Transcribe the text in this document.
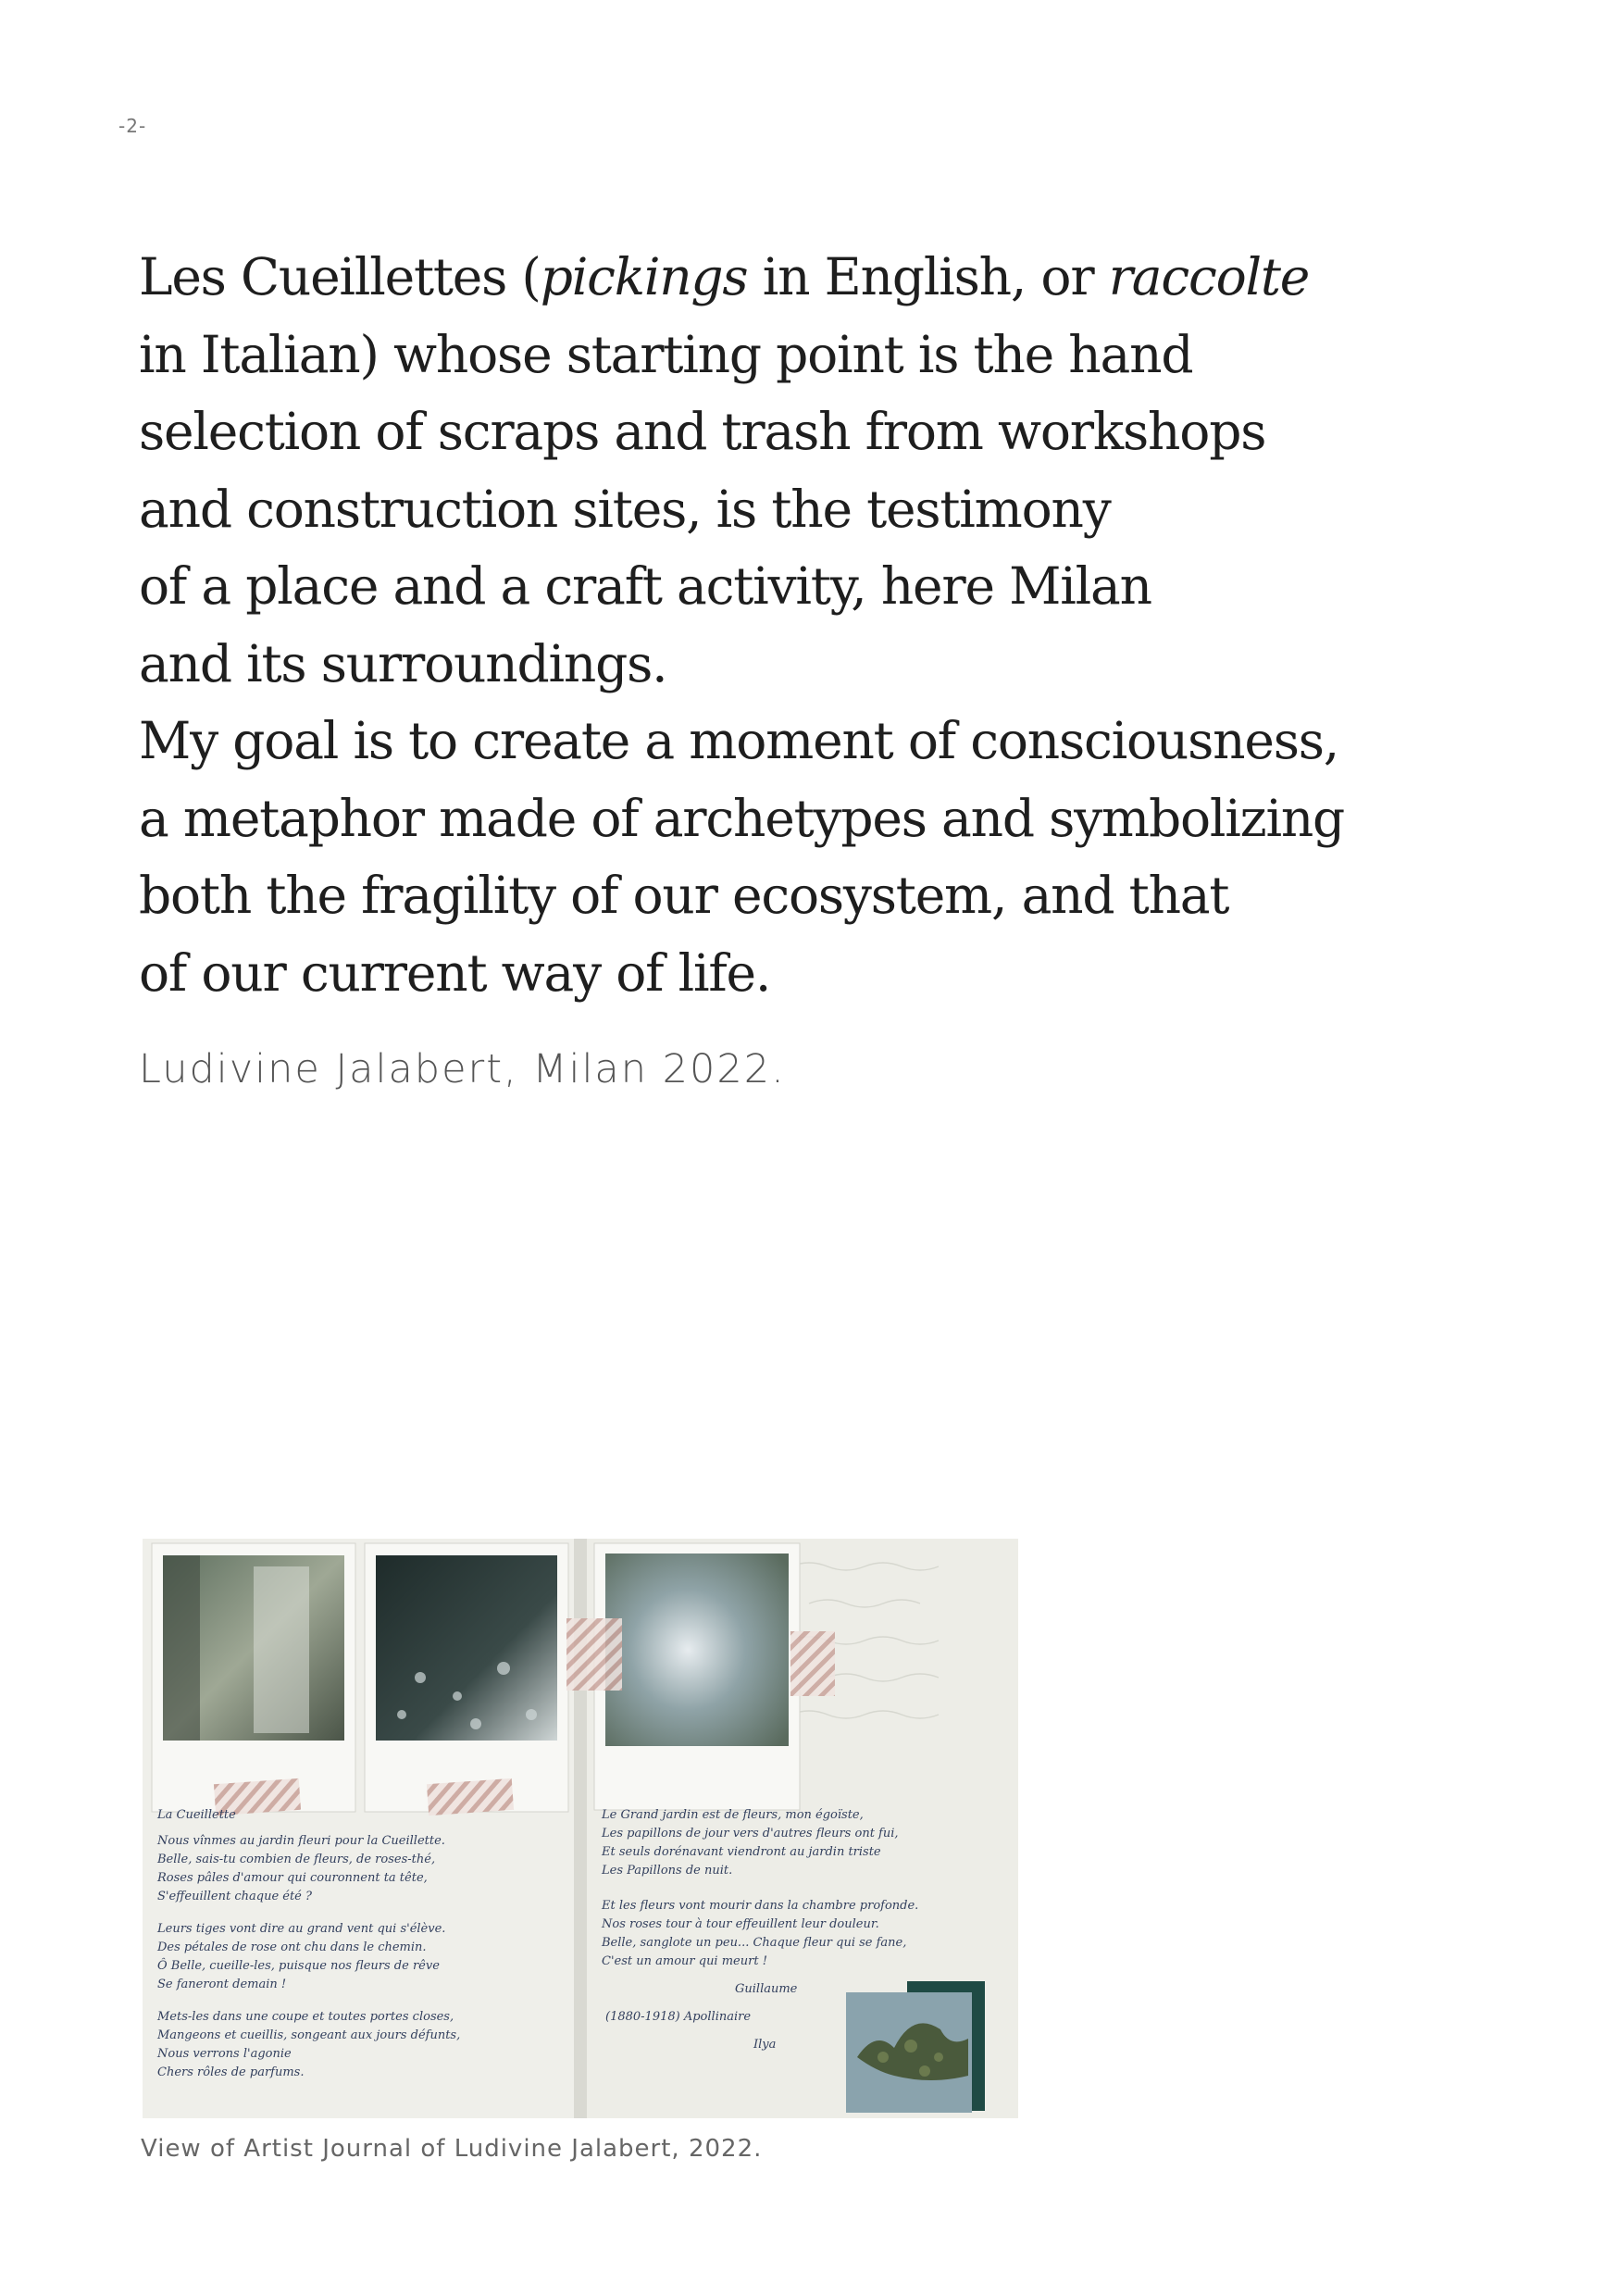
-2-
Les Cueillettes (pickings in English, or raccolte
in Italian) whose starting point is the hand
selection of scraps and trash from workshops
and construction sites, is the testimony
of a place and a craft activity, here Milan
and its surroundings.
My goal is to create a moment of consciousness,
a metaphor made of archetypes and symbolizing
both the fragility of our ecosystem, and that
of our current way of life.
Ludivine Jalabert, Milan 2022.
La Cueillette
Nous vînmes au jardin fleuri pour la Cueillette.
Belle, sais-tu combien de fleurs, de roses-thé,
Roses pâles d'amour qui couronnent ta tête,
S'effeuillent chaque été ?
Leurs tiges vont dire au grand vent qui s'élève.
Des pétales de rose ont chu dans le chemin.
Ô Belle, cueille-les, puisque nos fleurs de rêve
Se faneront demain !
Mets-les dans une coupe et toutes portes closes,
Mangeons et cueillis, songeant aux jours défunts,
Nous verrons l'agonie
Chers rôles de parfums.
Le Grand jardin est de fleurs, mon égoïste,
Les papillons de jour vers d'autres fleurs ont fui,
Et seuls dorénavant viendront au jardin triste
Les Papillons de nuit.
Et les fleurs vont mourir dans la chambre profonde.
Nos roses tour à tour effeuillent leur douleur.
Belle, sanglote un peu... Chaque fleur qui se fane,
C'est un amour qui meurt !
Guillaume
(1880-1918) Apollinaire
Ilya
View of Artist Journal of Ludivine Jalabert, 2022.
